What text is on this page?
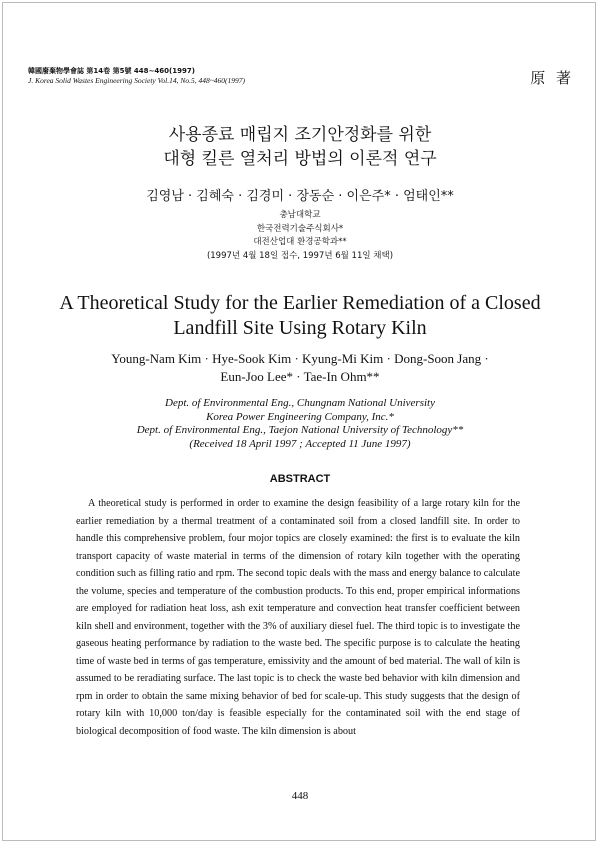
韓國廢棄物學會誌 第14卷 第5號 448~460(1997)
J. Korea Solid Wastes Engineering Society Vol.14, No.5, 448~460(1997)	原 著
사용종료 매립지 조기안정화를 위한
대형 킬른 열처리 방법의 이론적 연구
김영남 · 김혜숙 · 김경미 · 장동순 · 이은주* · 엄태인**
충남대학교
한국전력기술주식회사*
대전산업대 환경공학과**
(1997년 4월 18일 접수, 1997년 6월 11일 채택)
A Theoretical Study for the Earlier Remediation of a Closed
Landfill Site Using Rotary Kiln
Young-Nam Kim · Hye-Sook Kim · Kyung-Mi Kim · Dong-Soon Jang ·
Eun-Joo Lee* · Tae-In Ohm**
Dept. of Environmental Eng., Chungnam National University
Korea Power Engineering Company, Inc.*
Dept. of Environmental Eng., Taejon National University of Technology**
(Received 18 April 1997 ; Accepted 11 June 1997)
ABSTRACT

A theoretical study is performed in order to examine the design feasibility of a large rotary kiln for the earlier remediation by a thermal treatment of a contaminated soil from a closed landfill site. In order to handle this comprehensive problem, four mojor topics are closely examined: the first is to evaluate the kiln transport capacity of waste material in terms of the dimension of rotary kiln together with the operating condition such as filling ratio and rpm. The second topic deals with the mass and energy balance to calculate the volume, species and temperature of the combustion products. To this end, proper empirical informations are employed for radiation heat loss, ash exit temperature and convection heat transfer coefficient between kiln shell and environment, together with the 3% of auxiliary diesel fuel. The third topic is to investigate the gaseous heating performance by radiation to the waste bed. The specific purpose is to calculate the heating time of waste bed in terms of gas temperature, emissivity and the amount of bed material. The wall of kiln is assumed to be reradiating surface. The last topic is to check the waste bed behavior with kiln dimension and rpm in order to obtain the same mixing behavior of bed for scale-up. This study suggests that the design of rotary kiln with 10,000 ton/day is feasible especially for the contaminated soil with the end stage of biological decomposition of food waste. The kiln dimension is about

448
